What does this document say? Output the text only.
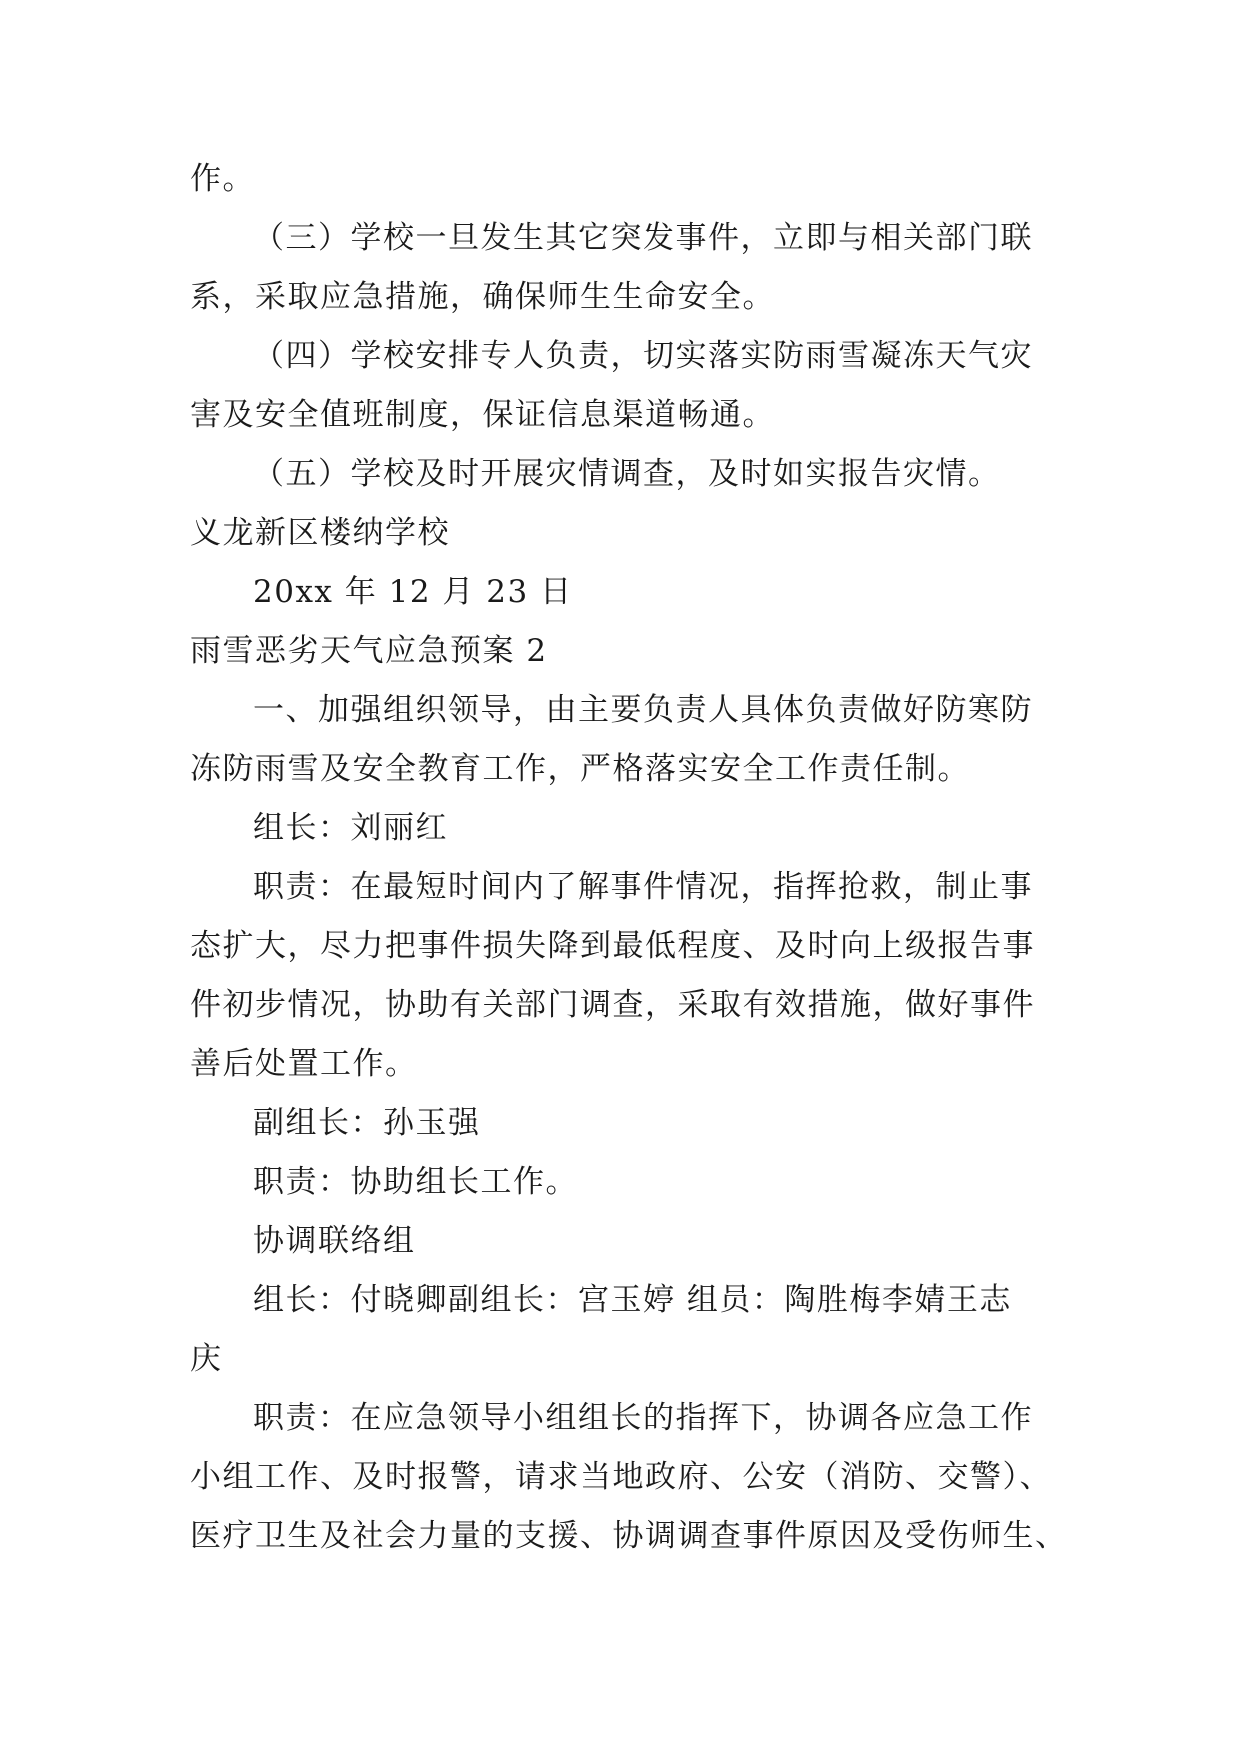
作。
（三）学校一旦发生其它突发事件，立即与相关部门联
系，采取应急措施，确保师生生命安全。
（四）学校安排专人负责，切实落实防雨雪凝冻天气灾
害及安全值班制度，保证信息渠道畅通。
（五）学校及时开展灾情调查，及时如实报告灾情。
义龙新区楼纳学校
20xx 年 12 月 23 日
雨雪恶劣天气应急预案 2
一、加强组织领导，由主要负责人具体负责做好防寒防
冻防雨雪及安全教育工作，严格落实安全工作责任制。
组长：刘丽红
职责：在最短时间内了解事件情况，指挥抢救，制止事
态扩大，尽力把事件损失降到最低程度、及时向上级报告事
件初步情况，协助有关部门调查，采取有效措施，做好事件
善后处置工作。
副组长：孙玉强
职责：协助组长工作。
协调联络组
组长：付晓卿副组长：宫玉婷 组员：陶胜梅李婧王志
庆
职责：在应急领导小组组长的指挥下，协调各应急工作
小组工作、及时报警，请求当地政府、公安（消防、交警）、
医疗卫生及社会力量的支援、协调调查事件原因及受伤师生、
